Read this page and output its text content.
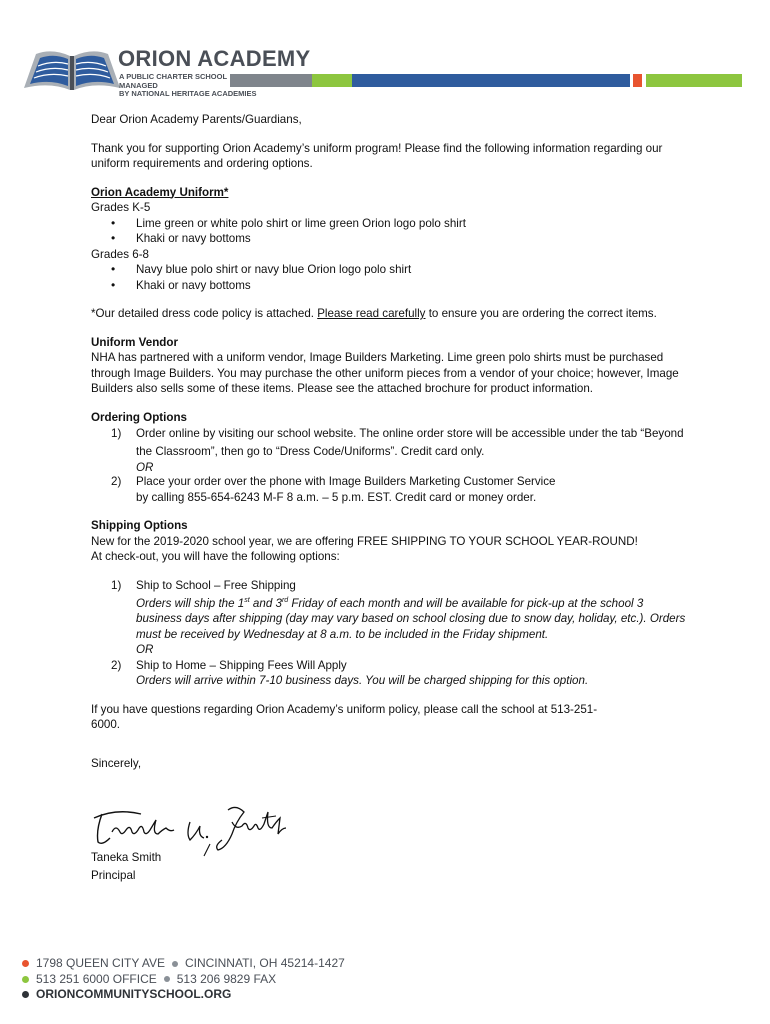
ORION ACADEMY
A PUBLIC CHARTER SCHOOL MANAGED
BY NATIONAL HERITAGE ACADEMIES

Dear Orion Academy Parents/Guardians,

Thank you for supporting Orion Academy’s uniform program! Please find the following information regarding our uniform requirements and ordering options.

Orion Academy Uniform*

Grades K-5

• Lime green or white polo shirt or lime green Orion logo polo shirt
• Khaki or navy bottoms

Grades 6-8

• Navy blue polo shirt or navy blue Orion logo polo shirt
• Khaki or navy bottoms

*Our detailed dress code policy is attached. Please read carefully to ensure you are ordering the correct items.

Uniform Vendor

NHA has partnered with a uniform vendor, Image Builders Marketing. Lime green polo shirts must be purchased through Image Builders. You may purchase the other uniform pieces from a vendor of your choice; however, Image Builders also sells some of these items. Please see the attached brochure for product information.

Ordering Options

1) Order online by visiting our school website. The online order store will be accessible under the tab “Beyond the Classroom”, then go to “Dress Code/Uniforms”. Credit card only.
OR
2) Place your order over the phone with Image Builders Marketing Customer Service
by calling 855-654-6243 M-F 8 a.m. – 5 p.m. EST. Credit card or money order.

Shipping Options

New for the 2019-2020 school year, we are offering FREE SHIPPING TO YOUR SCHOOL YEAR-ROUND!

At check-out, you will have the following options:

1) Ship to School – Free Shipping
Orders will ship the 1st and 3rd Friday of each month and will be available for pick-up at the school 3 business days after shipping (day may vary based on school closing due to snow day, holiday, etc.). Orders must be received by Wednesday at 8 a.m. to be included in the Friday shipment.
OR
2) Ship to Home – Shipping Fees Will Apply
Orders will arrive within 7-10 business days. You will be charged shipping for this option.

If you have questions regarding Orion Academy’s uniform policy, please call the school at 513-251-6000.

Sincerely,

Taneka Smith
Principal
1798 QUEEN CITY AVE CINCINNATI, OH 45214-1427
513 251 6000 OFFICE 513 206 9829 FAX
ORIONCOMMUNITYSCHOOL.ORG
